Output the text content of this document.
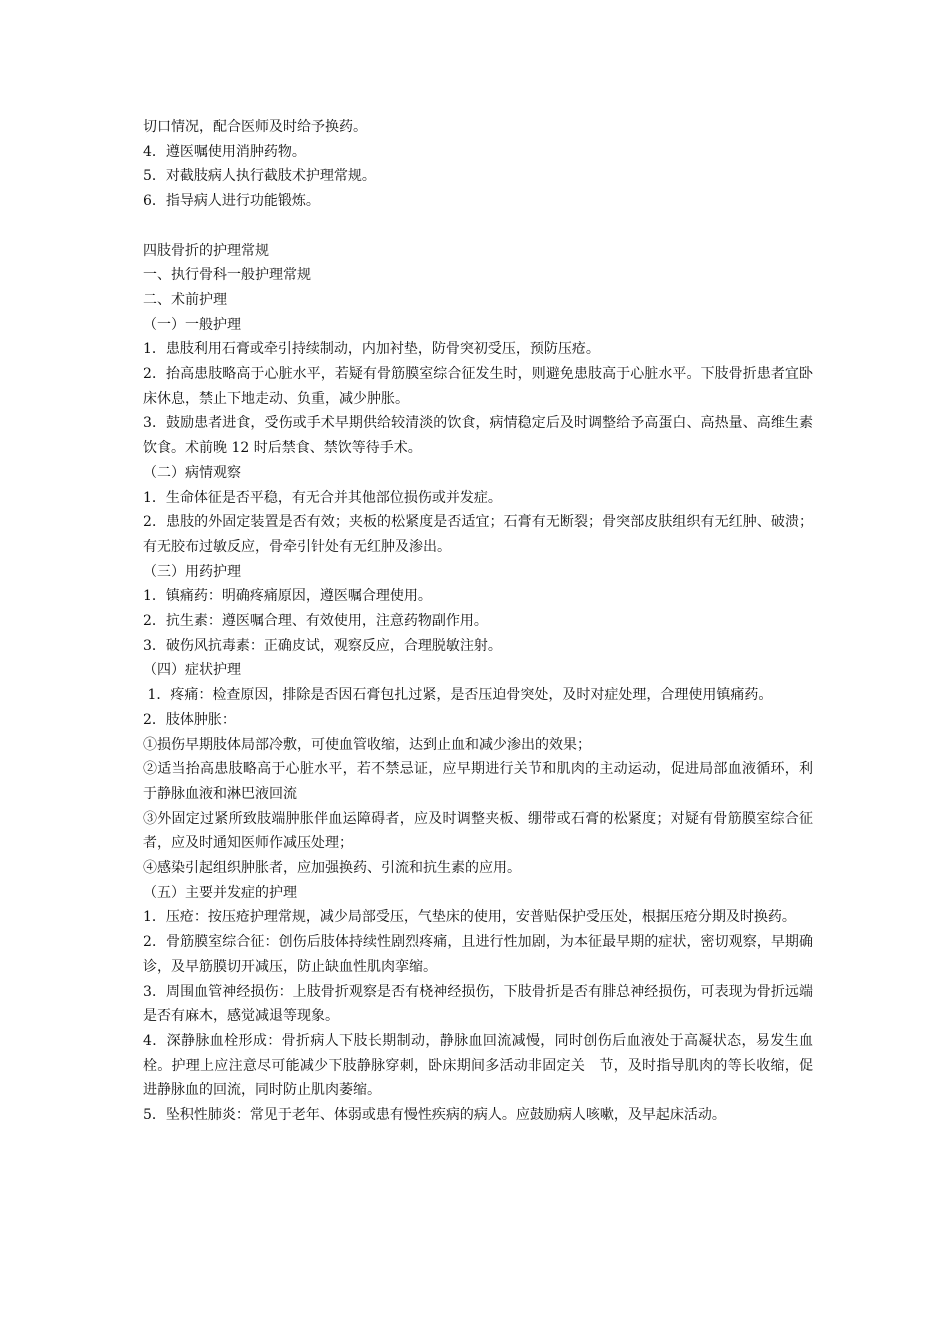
切口情况，配合医师及时给予换药。

4．遵医嘱使用消肿药物。

5．对截肢病人执行截肢术护理常规。

6．指导病人进行功能锻炼。

四肢骨折的护理常规

一、执行骨科一般护理常规

二、术前护理

（一）一般护理

1．患肢利用石膏或牵引持续制动，内加衬垫，防骨突初受压，预防压疮。

2．抬高患肢略高于心脏水平，若疑有骨筋膜室综合征发生时，则避免患肢高于心脏水平。下肢骨折患者宜卧床休息，禁止下地走动、负重，减少肿胀。

3．鼓励患者进食，受伤或手术早期供给较清淡的饮食，病情稳定后及时调整给予高蛋白、高热量、高维生素饮食。术前晚 12 时后禁食、禁饮等待手术。

（二）病情观察

1．生命体征是否平稳，有无合并其他部位损伤或并发症。

2．患肢的外固定装置是否有效；夹板的松紧度是否适宜；石膏有无断裂；骨突部皮肤组织有无红肿、破溃；有无胶布过敏反应，骨牵引针处有无红肿及渗出。

（三）用药护理

1．镇痛药：明确疼痛原因，遵医嘱合理使用。

2．抗生素：遵医嘱合理、有效使用，注意药物副作用。

3．破伤风抗毒素：正确皮试，观察反应，合理脱敏注射。

（四）症状护理

1．疼痛：检查原因，排除是否因石膏包扎过紧，是否压迫骨突处，及时对症处理，合理使用镇痛药。

2．肢体肿胀：

①损伤早期肢体局部冷敷，可使血管收缩，达到止血和减少渗出的效果；

②适当抬高患肢略高于心脏水平，若不禁忌证，应早期进行关节和肌肉的主动运动，促进局部血液循环，利于静脉血液和淋巴液回流

③外固定过紧所致肢端肿胀伴血运障碍者，应及时调整夹板、绷带或石膏的松紧度；对疑有骨筋膜室综合征者，应及时通知医师作减压处理；

④感染引起组织肿胀者，应加强换药、引流和抗生素的应用。

（五）主要并发症的护理

1．压疮：按压疮护理常规，减少局部受压，气垫床的使用，安普贴保护受压处，根据压疮分期及时换药。

2．骨筋膜室综合征：创伤后肢体持续性剧烈疼痛，且进行性加剧，为本征最早期的症状，密切观察，早期确诊，及早筋膜切开减压，防止缺血性肌肉挛缩。

3．周围血管神经损伤：上肢骨折观察是否有桡神经损伤，下肢骨折是否有腓总神经损伤，可表现为骨折远端是否有麻木，感觉减退等现象。

4．深静脉血栓形成：骨折病人下肢长期制动，静脉血回流减慢，同时创伤后血液处于高凝状态，易发生血栓。护理上应注意尽可能减少下肢静脉穿刺，卧床期间多活动非固定关　节，及时指导肌肉的等长收缩，促进静脉血的回流，同时防止肌肉萎缩。

5．坠积性肺炎：常见于老年、体弱或患有慢性疾病的病人。应鼓励病人咳嗽，及早起床活动。
